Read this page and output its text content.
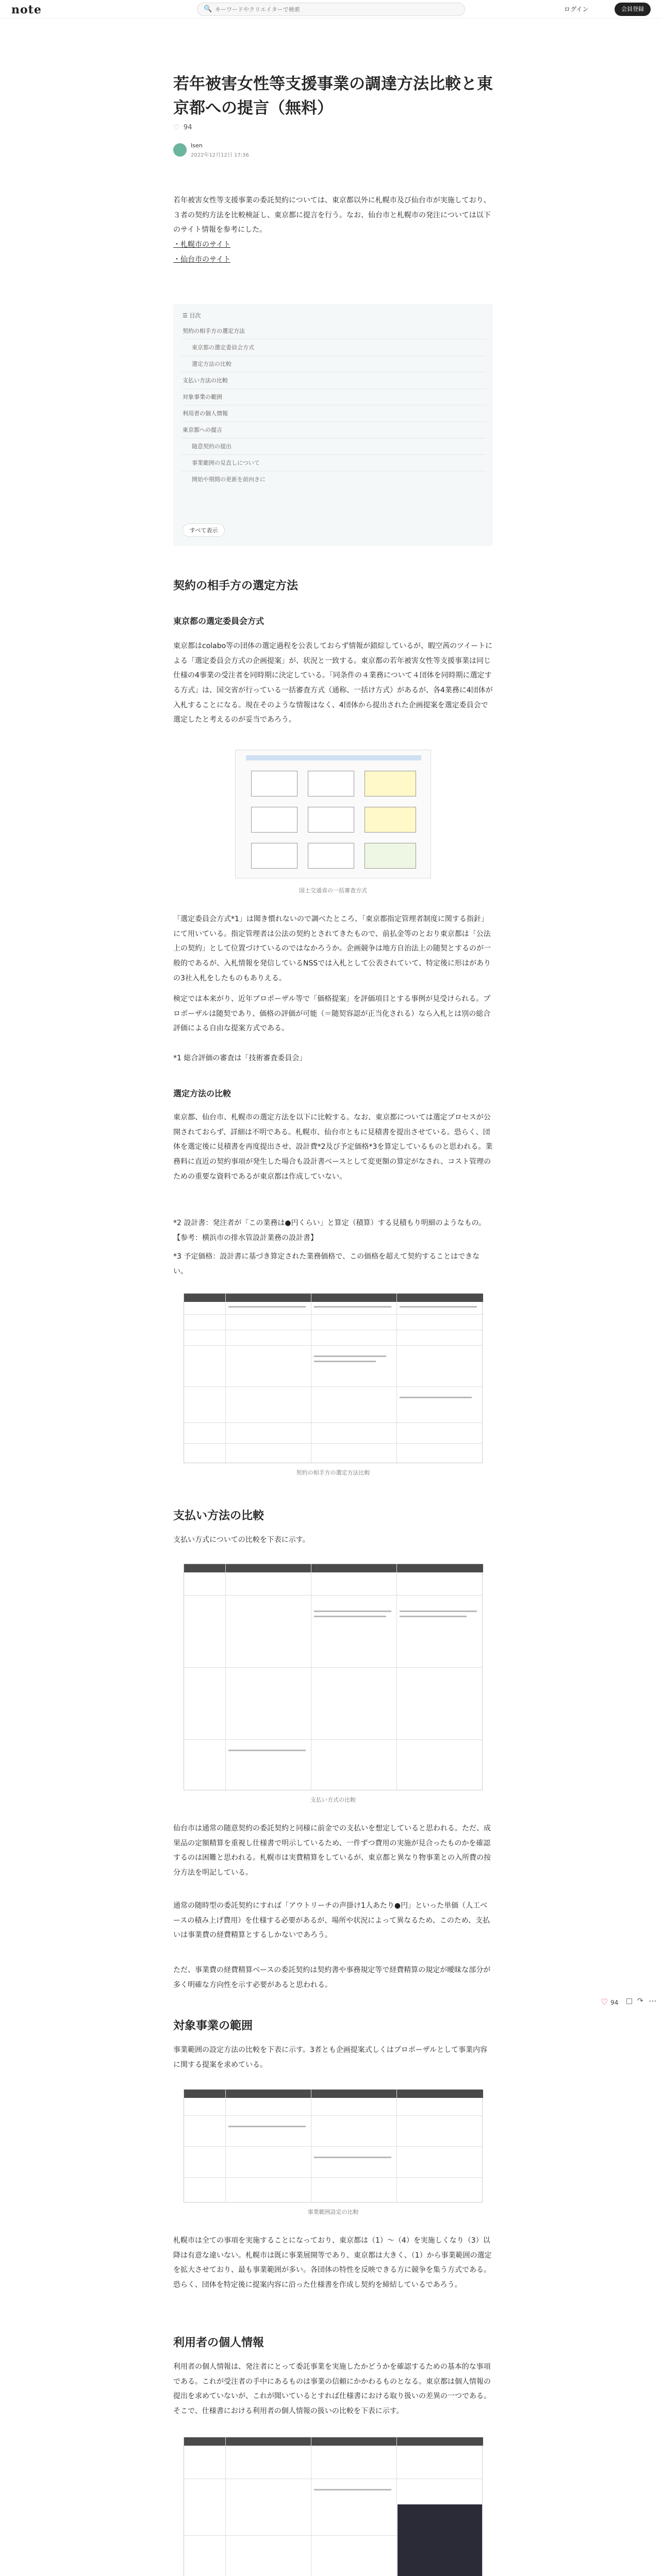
note	🔍
キーワードやクリエイターで検索	ログイン	会員登録
若年被害女性等支援事業の調達方法比較と東京都への提言（無料）
♡ 94
Isen
2022年12月12日 17:36
若年被害女性等支援事業の委託契約については、東京都以外に札幌市及び仙台市が実施しており、３者の契約方法を比較検証し、東京都に提言を行う。なお、仙台市と札幌市の発注については以下のサイト情報を参考にした。
・札幌市のサイト
・仙台市のサイト
☰ 目次
契約の相手方の選定方法
東京都の選定委員会方式
選定方法の比較
支払い方法の比較
対象事業の範囲
利用者の個人情報
東京都への提言
随意契約の提出
事業範囲の見直しについて
開始や期間の更新を前向きに
すべて表示
契約の相手方の選定方法
東京都の選定委員会方式
東京都はcolabo等の団体の選定過程を公表しておらず情報が錯綜しているが、暇空茜のツイートによる「選定委員会方式の企画提案」が、状況と一致する。東京都の若年被害女性等支援事業は同じ仕様の4事業の受注者を同時期に決定している。「同条件の４業務について４団体を同時期に選定する方式」は、国交省が行っている一括審査方式（通称、一括け方式）があるが、各4業務に4団体が入札することになる。現在そのような情報はなく、4団体から提出された企画提案を選定委員会で選定したと考えるのが妥当であろう。
国土交通省の一括審査方式
「選定委員会方式*1」は聞き慣れないので調べたところ、「東京都指定管理者制度に関する指針」にて用いている。指定管理者は公法の契約とされてきたもので、前払金等のとおり東京都は「公法上の契約」として位置づけているのではなかろうか。企画競争は地方自治法上の随契とするのが一般的であるが、入札情報を発信しているNSSでは入札として公表されていて、特定後に形はがありの3社入札をしたものもありえる。
検定では本来がり、近年プロポーザル等で「価格提案」を評価項目とする事例が見受けられる。プロポーザルは随契であり、価格の評価が可能（＝随契容認が正当化される）なら入札とは別の総合評価による自由な提案方式である。
*1 総合評価の審査は「技術審査委員会」
選定方法の比較
東京都、仙台市、札幌市の選定方法を以下に比較する。なお、東京都については選定プロセスが公開されておらず、詳細は不明である。札幌市、仙台市ともに見積書を提出させている。恐らく、団体を選定後に見積書を再度提出させ、設計費*2及び予定価格*3を算定しているものと思われる。業務料に直近の契約事項が発生した場合も設計書ベースとして変更額の算定がなされ、コスト管理のための重要な資料であるが東京都は作成していない。
*2 設計書：発注者が「この業務は●円くらい」と算定（積算）する見積もり明細のようなもの。【参考：横浜市の排水管設計業務の設計書】
*3 予定価格：設計書に基づき算定された業務価格で、この価格を超えて契約することはできない。
契約の相手方の選定方法比較
支払い方法の比較
支払い方式についての比較を下表に示す。
支払い方式の比較
仙台市は通常の随意契約の委託契約と同様に前金での支払いを想定していると思われる。ただ、成果品の定額精算を重視し仕様書で明示しているため、一件ずつ費用の実施が見合ったものかを確認するのは困難と思われる。札幌市は実費精算をしているが、東京都と異なり物事業との入所費の按分方法を明記している。
通常の随時型の委託契約にすれば「アウトリーチの声掛け1人あたり●円」といった単価（人工ベースの積み上げ費用）を仕様する必要があるが、場所や状況によって異なるため、このため、支払いは事業費の経費精算とするしかないであろう。
ただ、事業費の経費精算ベースの委託契約は契約書や事務規定等で経費精算の規定が曖昧な部分が多く明確な方向性を示す必要があると思われる。
対象事業の範囲
事業範囲の設定方法の比較を下表に示す。3者とも企画提案式しくはプロポーザルとして事業内容に関する提案を求めている。
事業範囲設定の比較
札幌市は全ての事項を実施することになっており、東京都は（1）～（4）を実施しくなり（3）以降は有意な違いない。札幌市は既に事業展開等であり、東京都は大きく、（1）から事業範囲の選定を拡大させており、最も事業範囲が多い。各団体の特性を反映できる方に競争を集う方式である。恐らく、団体を特定後に提案内容に沿った仕様書を作成し契約を締結しているであろう。
利用者の個人情報
利用者の個人情報は、発注者にとって委託事業を実施したかどうかを確認するための基本的な事項である。これが受注者の手中にあるものは事業の信頼にかかわるものとなる。東京都は個人情報の提出を求めていないが、これが聞いているとすれば仕様書における取り扱いの差異の一つである。そこで、仕様書における利用者の個人情報の扱いの比較を下表に示す。
♡ 94 □ ↷ ⋯
